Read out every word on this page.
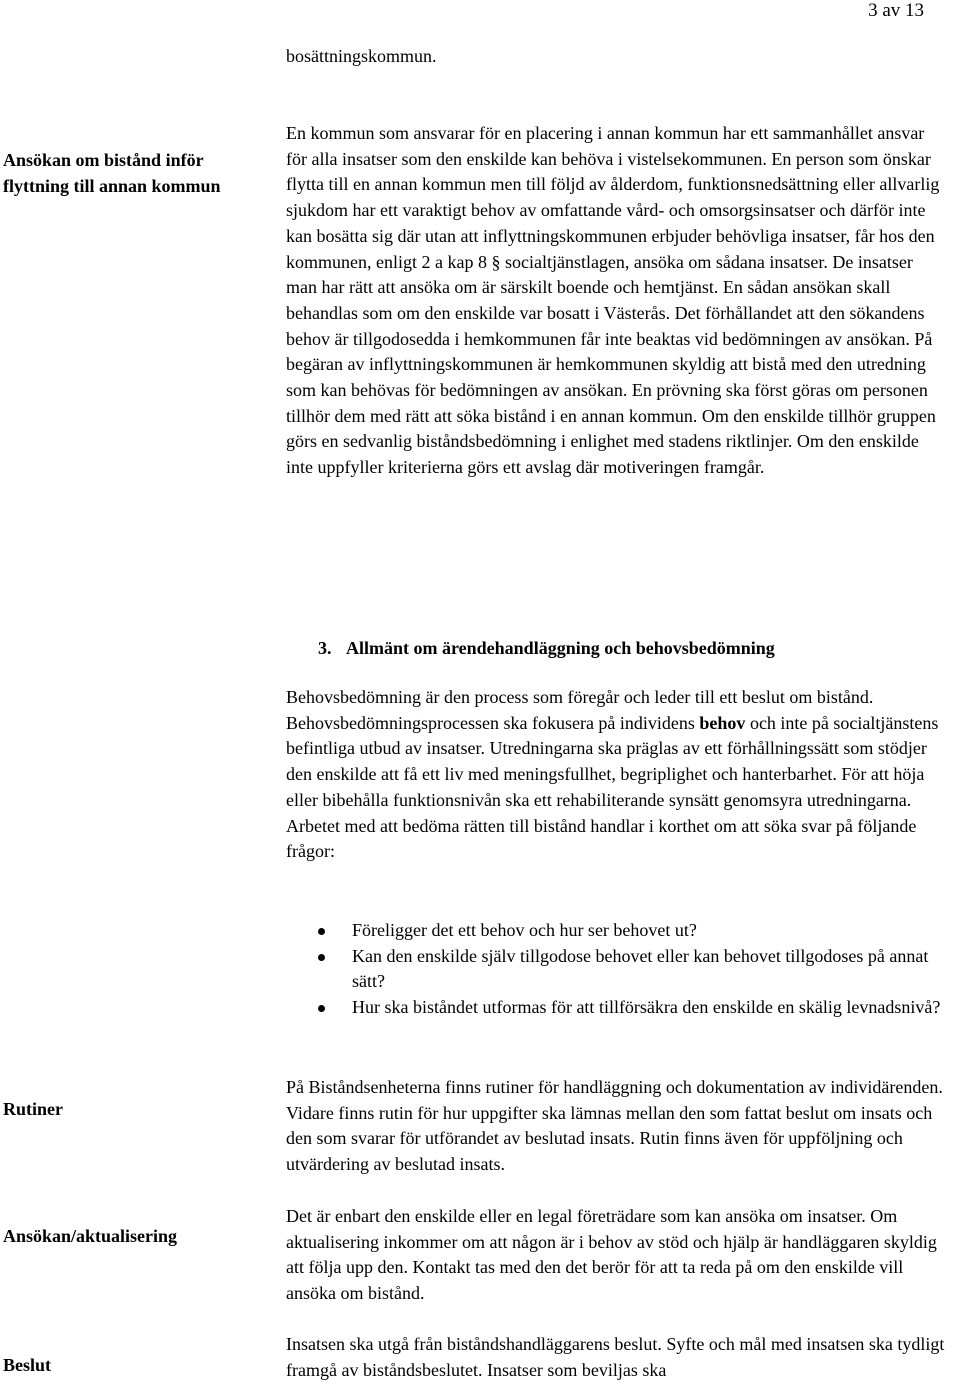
3 av 13

bosättningskommun.

Ansökan om bistånd inför flyttning till annan kommun

En kommun som ansvarar för en placering i annan kommun har ett sammanhållet ansvar för alla insatser som den enskilde kan behöva i vistelsekommunen. En person som önskar flytta till en annan kommun men till följd av ålderdom, funktionsnedsättning eller allvarlig sjukdom har ett varaktigt behov av omfattande vård- och omsorgsinsatser och därför inte kan bosätta sig där utan att inflyttningskommunen erbjuder behövliga insatser, får hos den kommunen, enligt 2 a kap 8 § socialtjänstlagen, ansöka om sådana insatser. De insatser man har rätt att ansöka om är särskilt boende och hemtjänst. En sådan ansökan skall behandlas som om den enskilde var bosatt i Västerås. Det förhållandet att den sökandens behov är tillgodosedda i hemkommunen får inte beaktas vid bedömningen av ansökan. På begäran av inflyttningskommunen är hemkommunen skyldig att bistå med den utredning som kan behövas för bedömningen av ansökan. En prövning ska först göras om personen tillhör dem med rätt att söka bistånd i en annan kommun. Om den enskilde tillhör gruppen görs en sedvanlig biståndsbedömning i enlighet med stadens riktlinjer. Om den enskilde inte uppfyller kriterierna görs ett avslag där motiveringen framgår.

3. Allmänt om ärendehandläggning och behovsbedömning

Behovsbedömning är den process som föregår och leder till ett beslut om bistånd. Behovsbedömningsprocessen ska fokusera på individens behov och inte på socialtjänstens befintliga utbud av insatser. Utredningarna ska präglas av ett förhållningssätt som stödjer den enskilde att få ett liv med meningsfullhet, begriplighet och hanterbarhet. För att höja eller bibehålla funktionsnivån ska ett rehabiliterande synsätt genomsyra utredningarna. Arbetet med att bedöma rätten till bistånd handlar i korthet om att söka svar på följande frågor:

Föreligger det ett behov och hur ser behovet ut?
Kan den enskilde själv tillgodose behovet eller kan behovet tillgodoses på annat sätt?
Hur ska biståndet utformas för att tillförsäkra den enskilde en skälig levnadsnivå?
Rutiner

På Biståndsenheterna finns rutiner för handläggning och dokumentation av individärenden. Vidare finns rutin för hur uppgifter ska lämnas mellan den som fattat beslut om insats och den som svarar för utförandet av beslutad insats. Rutin finns även för uppföljning och utvärdering av beslutad insats.

Ansökan/aktualisering

Det är enbart den enskilde eller en legal företrädare som kan ansöka om insatser. Om aktualisering inkommer om att någon är i behov av stöd och hjälp är handläggaren skyldig att följa upp den. Kontakt tas med den det berör för att ta reda på om den enskilde vill ansöka om bistånd.

Beslut

Insatsen ska utgå från biståndshandläggarens beslut. Syfte och mål med insatsen ska tydligt framgå av biståndsbeslutet. Insatser som beviljas ska
